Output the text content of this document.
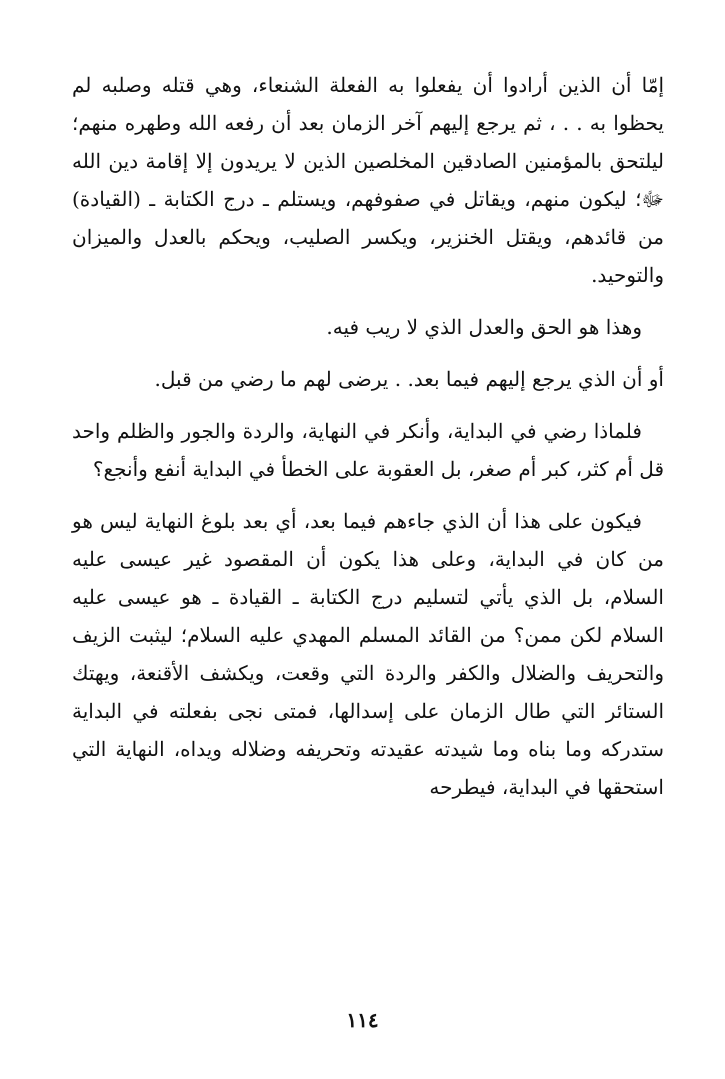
إمّا أن الذين أرادوا أن يفعلوا به الفعلة الشنعاء، وهي قتله وصلبه لم يحظوا به . . ، ثم يرجع إليهم آخر الزمان بعد أن رفعه الله وطهره منهم؛ ليلتحق بالمؤمنين الصادقين المخلصين الذين لا يريدون إلا إقامة دين الله ﷻ؛ ليكون منهم، ويقاتل في صفوفهم، ويستلم ـ درج الكتابة ـ (القيادة) من قائدهم، ويقتل الخنزير، ويكسر الصليب، ويحكم بالعدل والميزان والتوحيد.

وهذا هو الحق والعدل الذي لا ريب فيه.

أو أن الذي يرجع إليهم فيما بعد. . يرضى لهم ما رضي من قبل.

فلماذا رضي في البداية، وأنكر في النهاية، والردة والجور والظلم واحد قل أم كثر، كبر أم صغر، بل العقوبة على الخطأ في البداية أنفع وأنجع؟

فيكون على هذا أن الذي جاءهم فيما بعد، أي بعد بلوغ النهاية ليس هو من كان في البداية، وعلى هذا يكون أن المقصود غير عيسى عليه السلام، بل الذي يأتي لتسليم درج الكتابة ـ القيادة ـ هو عيسى عليه السلام لكن ممن؟ من القائد المسلم المهدي عليه السلام؛ ليثبت الزيف والتحريف والضلال والكفر والردة التي وقعت، ويكشف الأقنعة، ويهتك الستائر التي طال الزمان على إسدالها، فمتى نجى بفعلته في البداية ستدركه وما بناه وما شيدته عقيدته وتحريفه وضلاله ويداه، النهاية التي استحقها في البداية، فيطرحه

١١٤
